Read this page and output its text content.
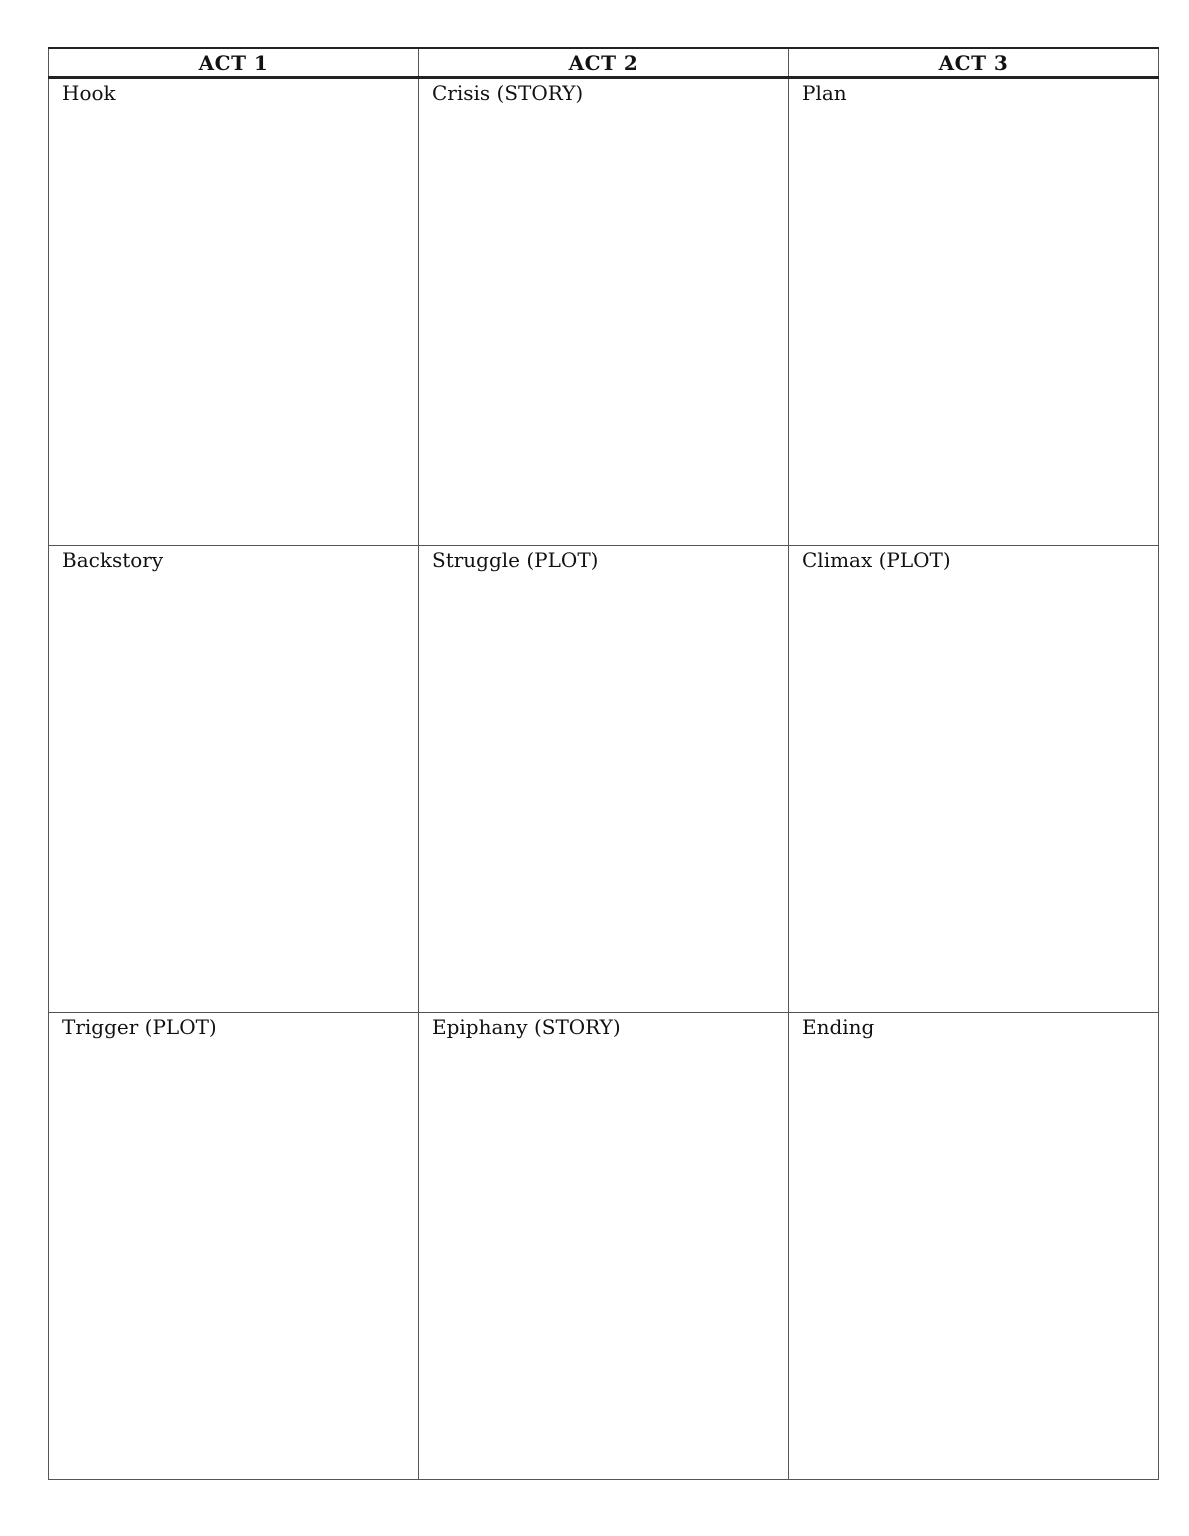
ACT 1	ACT 2	ACT 3

Hook	Crisis (STORY)	Plan

Backstory	Struggle (PLOT)	Climax (PLOT)

Trigger (PLOT)	Epiphany (STORY)	Ending
